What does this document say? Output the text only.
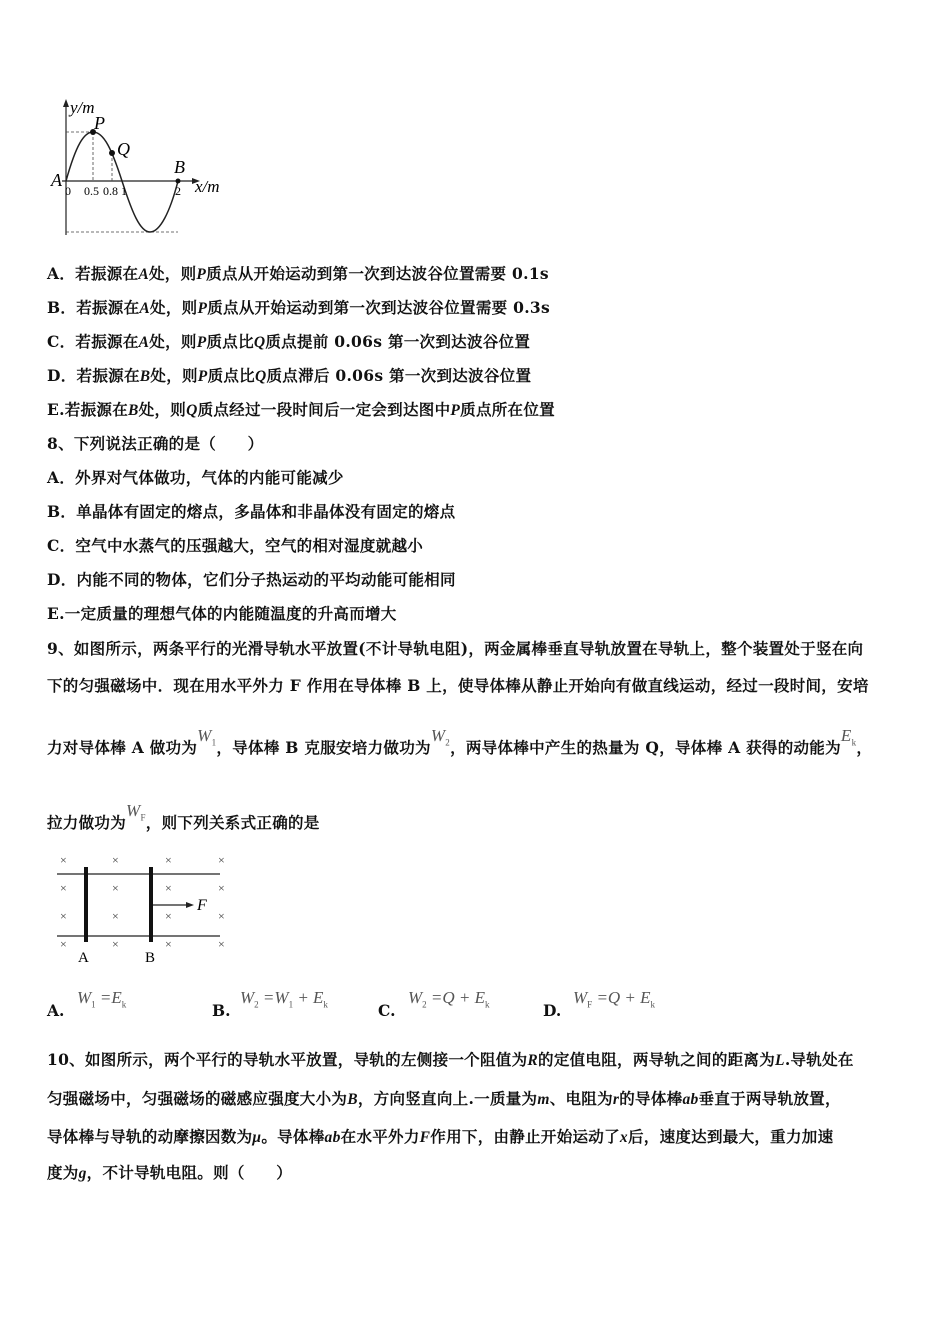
y/m
P
Q
A
B
x/m
0 0.5 0.8 1	2
A．若振源在A处，则P质点从开始运动到第一次到达波谷位置需要 0.1s
B．若振源在A处，则P质点从开始运动到第一次到达波谷位置需要 0.3s
C．若振源在A处，则P质点比Q质点提前 0.06s 第一次到达波谷位置
D．若振源在B处，则P质点比Q质点滞后 0.06s 第一次到达波谷位置
E.若振源在B处，则Q质点经过一段时间后一定会到达图中P质点所在位置
8、下列说法正确的是（　　）
A．外界对气体做功，气体的内能可能减少
B．单晶体有固定的熔点，多晶体和非晶体没有固定的熔点
C．空气中水蒸气的压强越大，空气的相对湿度就越小
D．内能不同的物体，它们分子热运动的平均动能可能相同
E.一定质量的理想气体的内能随温度的升高而增大
9、如图所示，两条平行的光滑导轨水平放置(不计导轨电阻)，两金属棒垂直导轨放置在导轨上，整个装置处于竖在向
下的匀强磁场中．现在用水平外力 F 作用在导体棒 B 上，使导体棒从静止开始向有做直线运动，经过一段时间，安培
力对导体棒 A 做功为$W_1$，导体棒 B 克服安培力做功为$W_2$，两导体棒中产生的热量为 Q，导体棒 A 获得的动能为$E_k$，
拉力做功为$W_F$，则下列关系式正确的是
×	×	×	×
×	×	×	×
×	×	×	×
×	×	×	×
F
A	B
A.
$W_1 =E_k$	B.
$W_2 =W_1 + E_k$	C.
$W_2 =Q + E_k$	D.
$W_F =Q + E_k$
10、如图所示，两个平行的导轨水平放置，导轨的左侧接一个阻值为R的定值电阻，两导轨之间的距离为L.导轨处在
匀强磁场中，匀强磁场的磁感应强度大小为B，方向竖直向上.一质量为m、电阻为r的导体棒ab垂直于两导轨放置，
导体棒与导轨的动摩擦因数为μ。导体棒ab在水平外力F作用下，由静止开始运动了x后，速度达到最大，重力加速
度为g，不计导轨电阻。则（　　）
